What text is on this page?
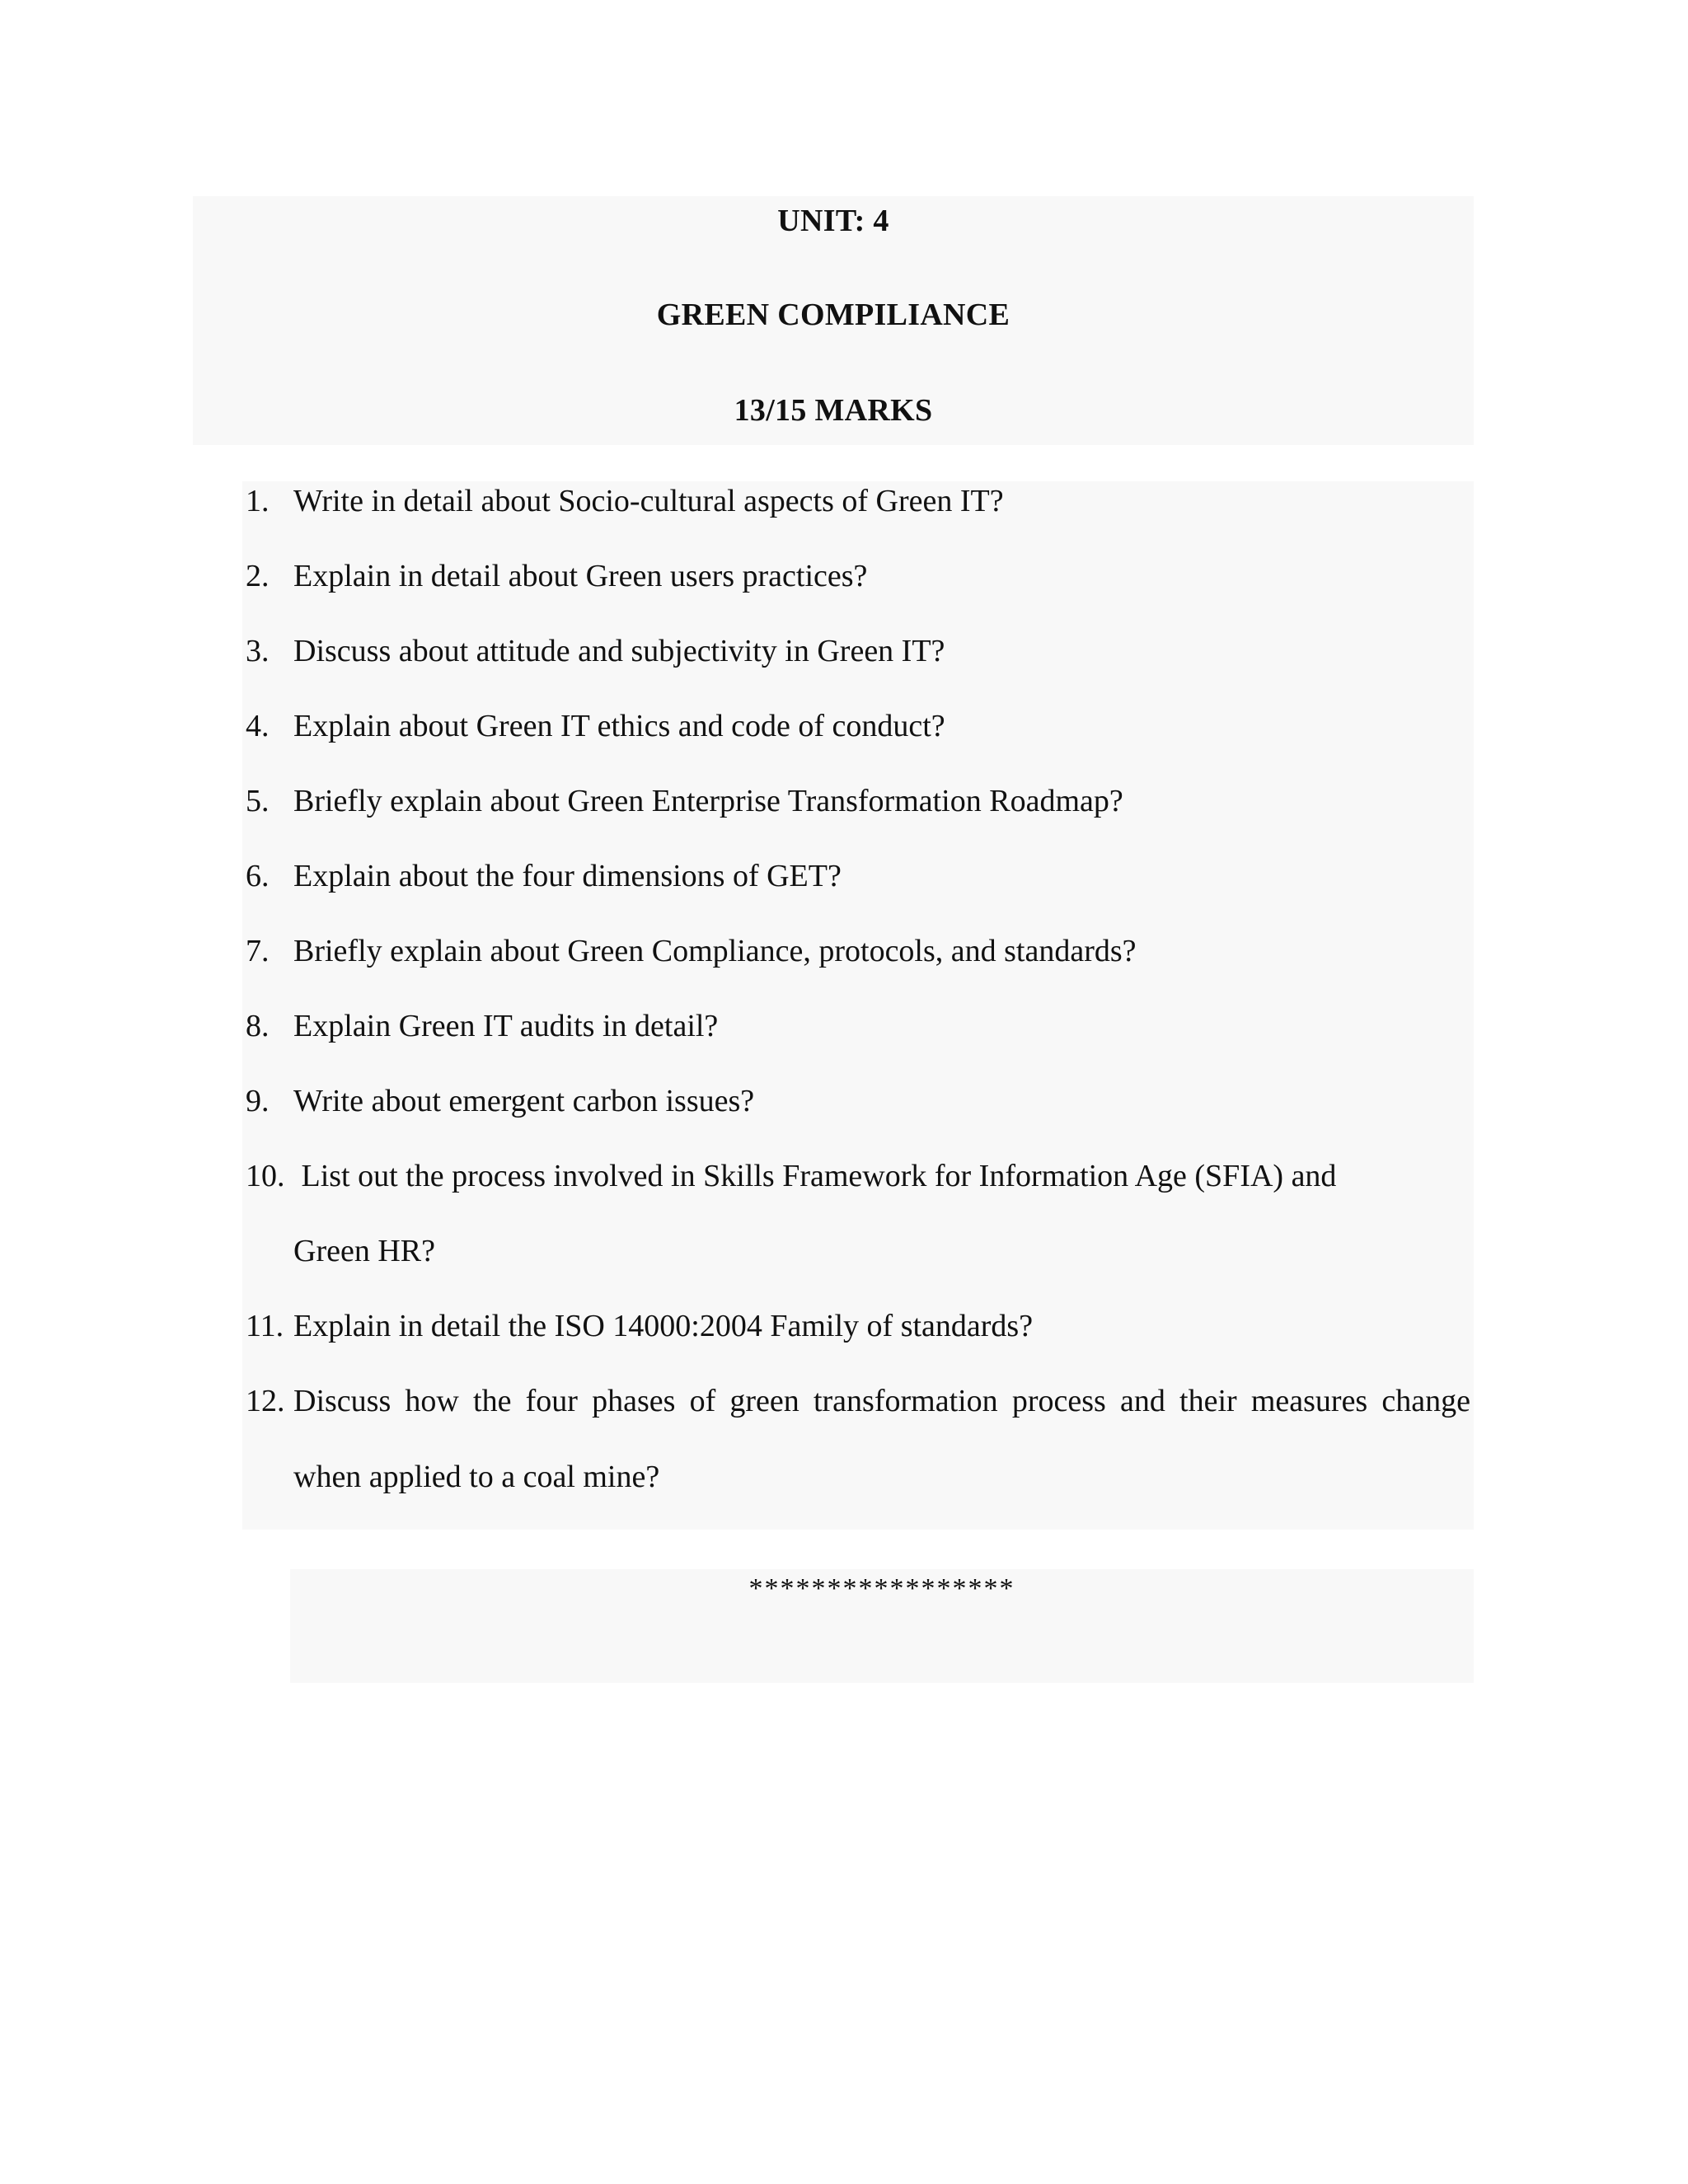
UNIT: 4
GREEN COMPILIANCE
13/15 MARKS
1. Write in detail about Socio-cultural aspects of Green IT?
2. Explain in detail about Green users practices?
3. Discuss about attitude and subjectivity in Green IT?
4. Explain about Green IT ethics and code of conduct?
5. Briefly explain about Green Enterprise Transformation Roadmap?
6. Explain about the four dimensions of GET?
7. Briefly explain about Green Compliance, protocols, and standards?
8. Explain Green IT audits in detail?
9. Write about emergent carbon issues?
10. List out the process involved in Skills Framework for Information Age (SFIA) and
Green HR?
11. Explain in detail the ISO 14000:2004 Family of standards?
12. Discuss how the four phases of green transformation process and their measures change
when applied to a coal mine?
*****************
